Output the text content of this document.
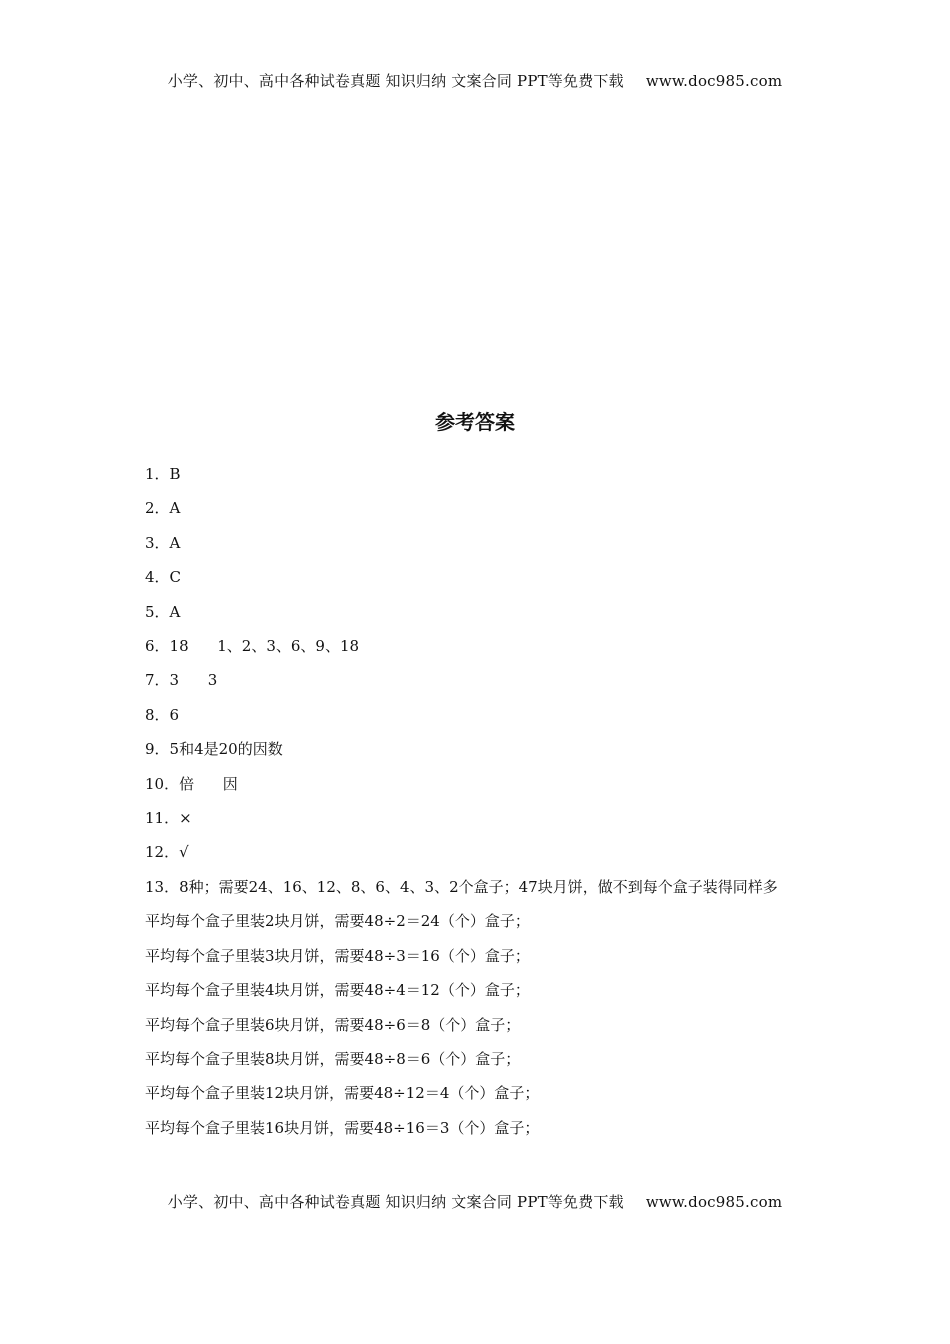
小学、初中、高中各种试卷真题 知识归纳 文案合同 PPT等免费下载 www.doc985.com
参考答案
1．B
2．A
3．A
4．C
5．A
6．18      1、2、3、6、9、18
7．3      3
8．6
9．5和4是20的因数
10．倍      因
11．×
12．√
13．8种；需要24、16、12、8、6、4、3、2个盒子；47块月饼，做不到每个盒子装得同样多
平均每个盒子里装2块月饼，需要48÷2＝24（个）盒子；
平均每个盒子里装3块月饼，需要48÷3＝16（个）盒子；
平均每个盒子里装4块月饼，需要48÷4＝12（个）盒子；
平均每个盒子里装6块月饼，需要48÷6＝8（个）盒子；
平均每个盒子里装8块月饼，需要48÷8＝6（个）盒子；
平均每个盒子里装12块月饼，需要48÷12＝4（个）盒子；
平均每个盒子里装16块月饼，需要48÷16＝3（个）盒子；
小学、初中、高中各种试卷真题 知识归纳 文案合同 PPT等免费下载 www.doc985.com
